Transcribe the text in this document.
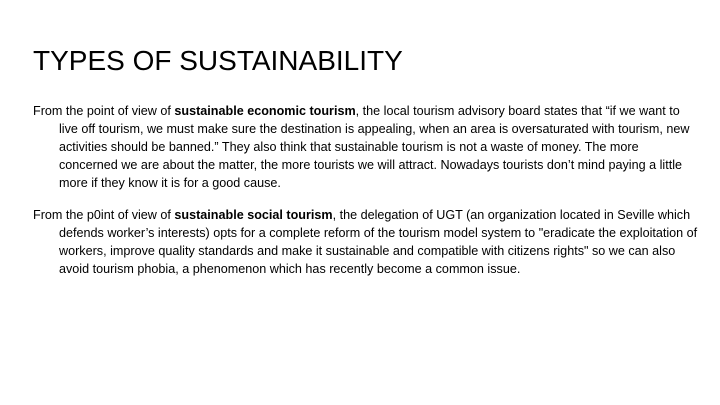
TYPES OF SUSTAINABILITY

From the point of view of sustainable economic tourism, the local tourism advisory board states that “if we want to live off tourism, we must make sure the destination is appealing, when an area is oversaturated with tourism, new activities should be banned.” They also think that sustainable tourism is not a waste of money. The more concerned we are about the matter, the more tourists we will attract. Nowadays tourists don’t mind paying a little more if they know it is for a good cause.

From the p0int of view of sustainable social tourism, the delegation of UGT (an organization located in Seville which defends worker’s interests) opts for a complete reform of the tourism model system to "eradicate the exploitation of workers, improve quality standards and make it sustainable and compatible with citizens rights" so we can also avoid tourism phobia, a phenomenon which has recently become a common issue.
